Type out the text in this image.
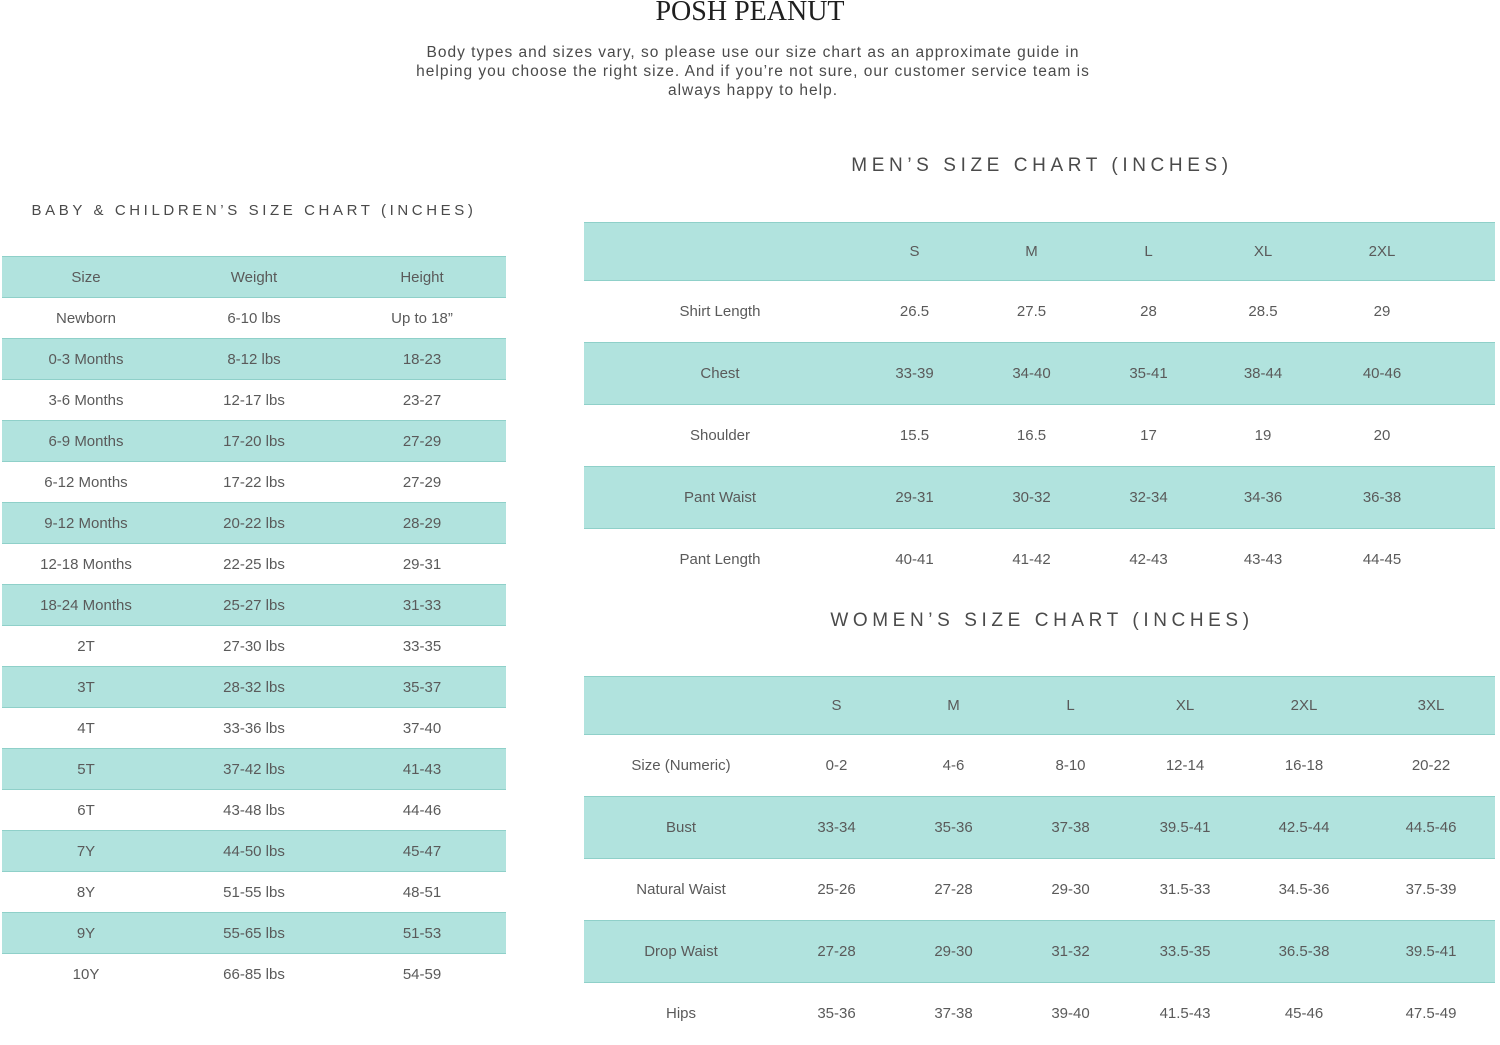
POSH PEANUT
Body types and sizes vary, so please use our size chart as an approximate guide in helping you choose the right size. And if you’re not sure, our customer service team is always happy to help.
BABY & CHILDREN’S SIZE CHART (INCHES)
Size	Weight	Height
Newborn	6-10 lbs	Up to 18”
0-3 Months	8-12 lbs	18-23
3-6 Months	12-17 lbs	23-27
6-9 Months	17-20 lbs	27-29
6-12 Months	17-22 lbs	27-29
9-12 Months	20-22 lbs	28-29
12-18 Months	22-25 lbs	29-31
18-24 Months	25-27 lbs	31-33
2T	27-30 lbs	33-35
3T	28-32 lbs	35-37
4T	33-36 lbs	37-40
5T	37-42 lbs	41-43
6T	43-48 lbs	44-46
7Y	44-50 lbs	45-47
8Y	51-55 lbs	48-51
9Y	55-65 lbs	51-53
10Y	66-85 lbs	54-59
MEN’S SIZE CHART (INCHES)
	S	M	L	XL	2XL	
Shirt Length	26.5	27.5	28	28.5	29	
Chest	33-39	34-40	35-41	38-44	40-46	
Shoulder	15.5	16.5	17	19	20	
Pant Waist	29-31	30-32	32-34	34-36	36-38	
Pant Length	40-41	41-42	42-43	43-43	44-45	
WOMEN’S SIZE CHART (INCHES)
	S	M	L	XL	2XL	3XL
Size (Numeric)	0-2	4-6	8-10	12-14	16-18	20-22
Bust	33-34	35-36	37-38	39.5-41	42.5-44	44.5-46
Natural Waist	25-26	27-28	29-30	31.5-33	34.5-36	37.5-39
Drop Waist	27-28	29-30	31-32	33.5-35	36.5-38	39.5-41
Hips	35-36	37-38	39-40	41.5-43	45-46	47.5-49
